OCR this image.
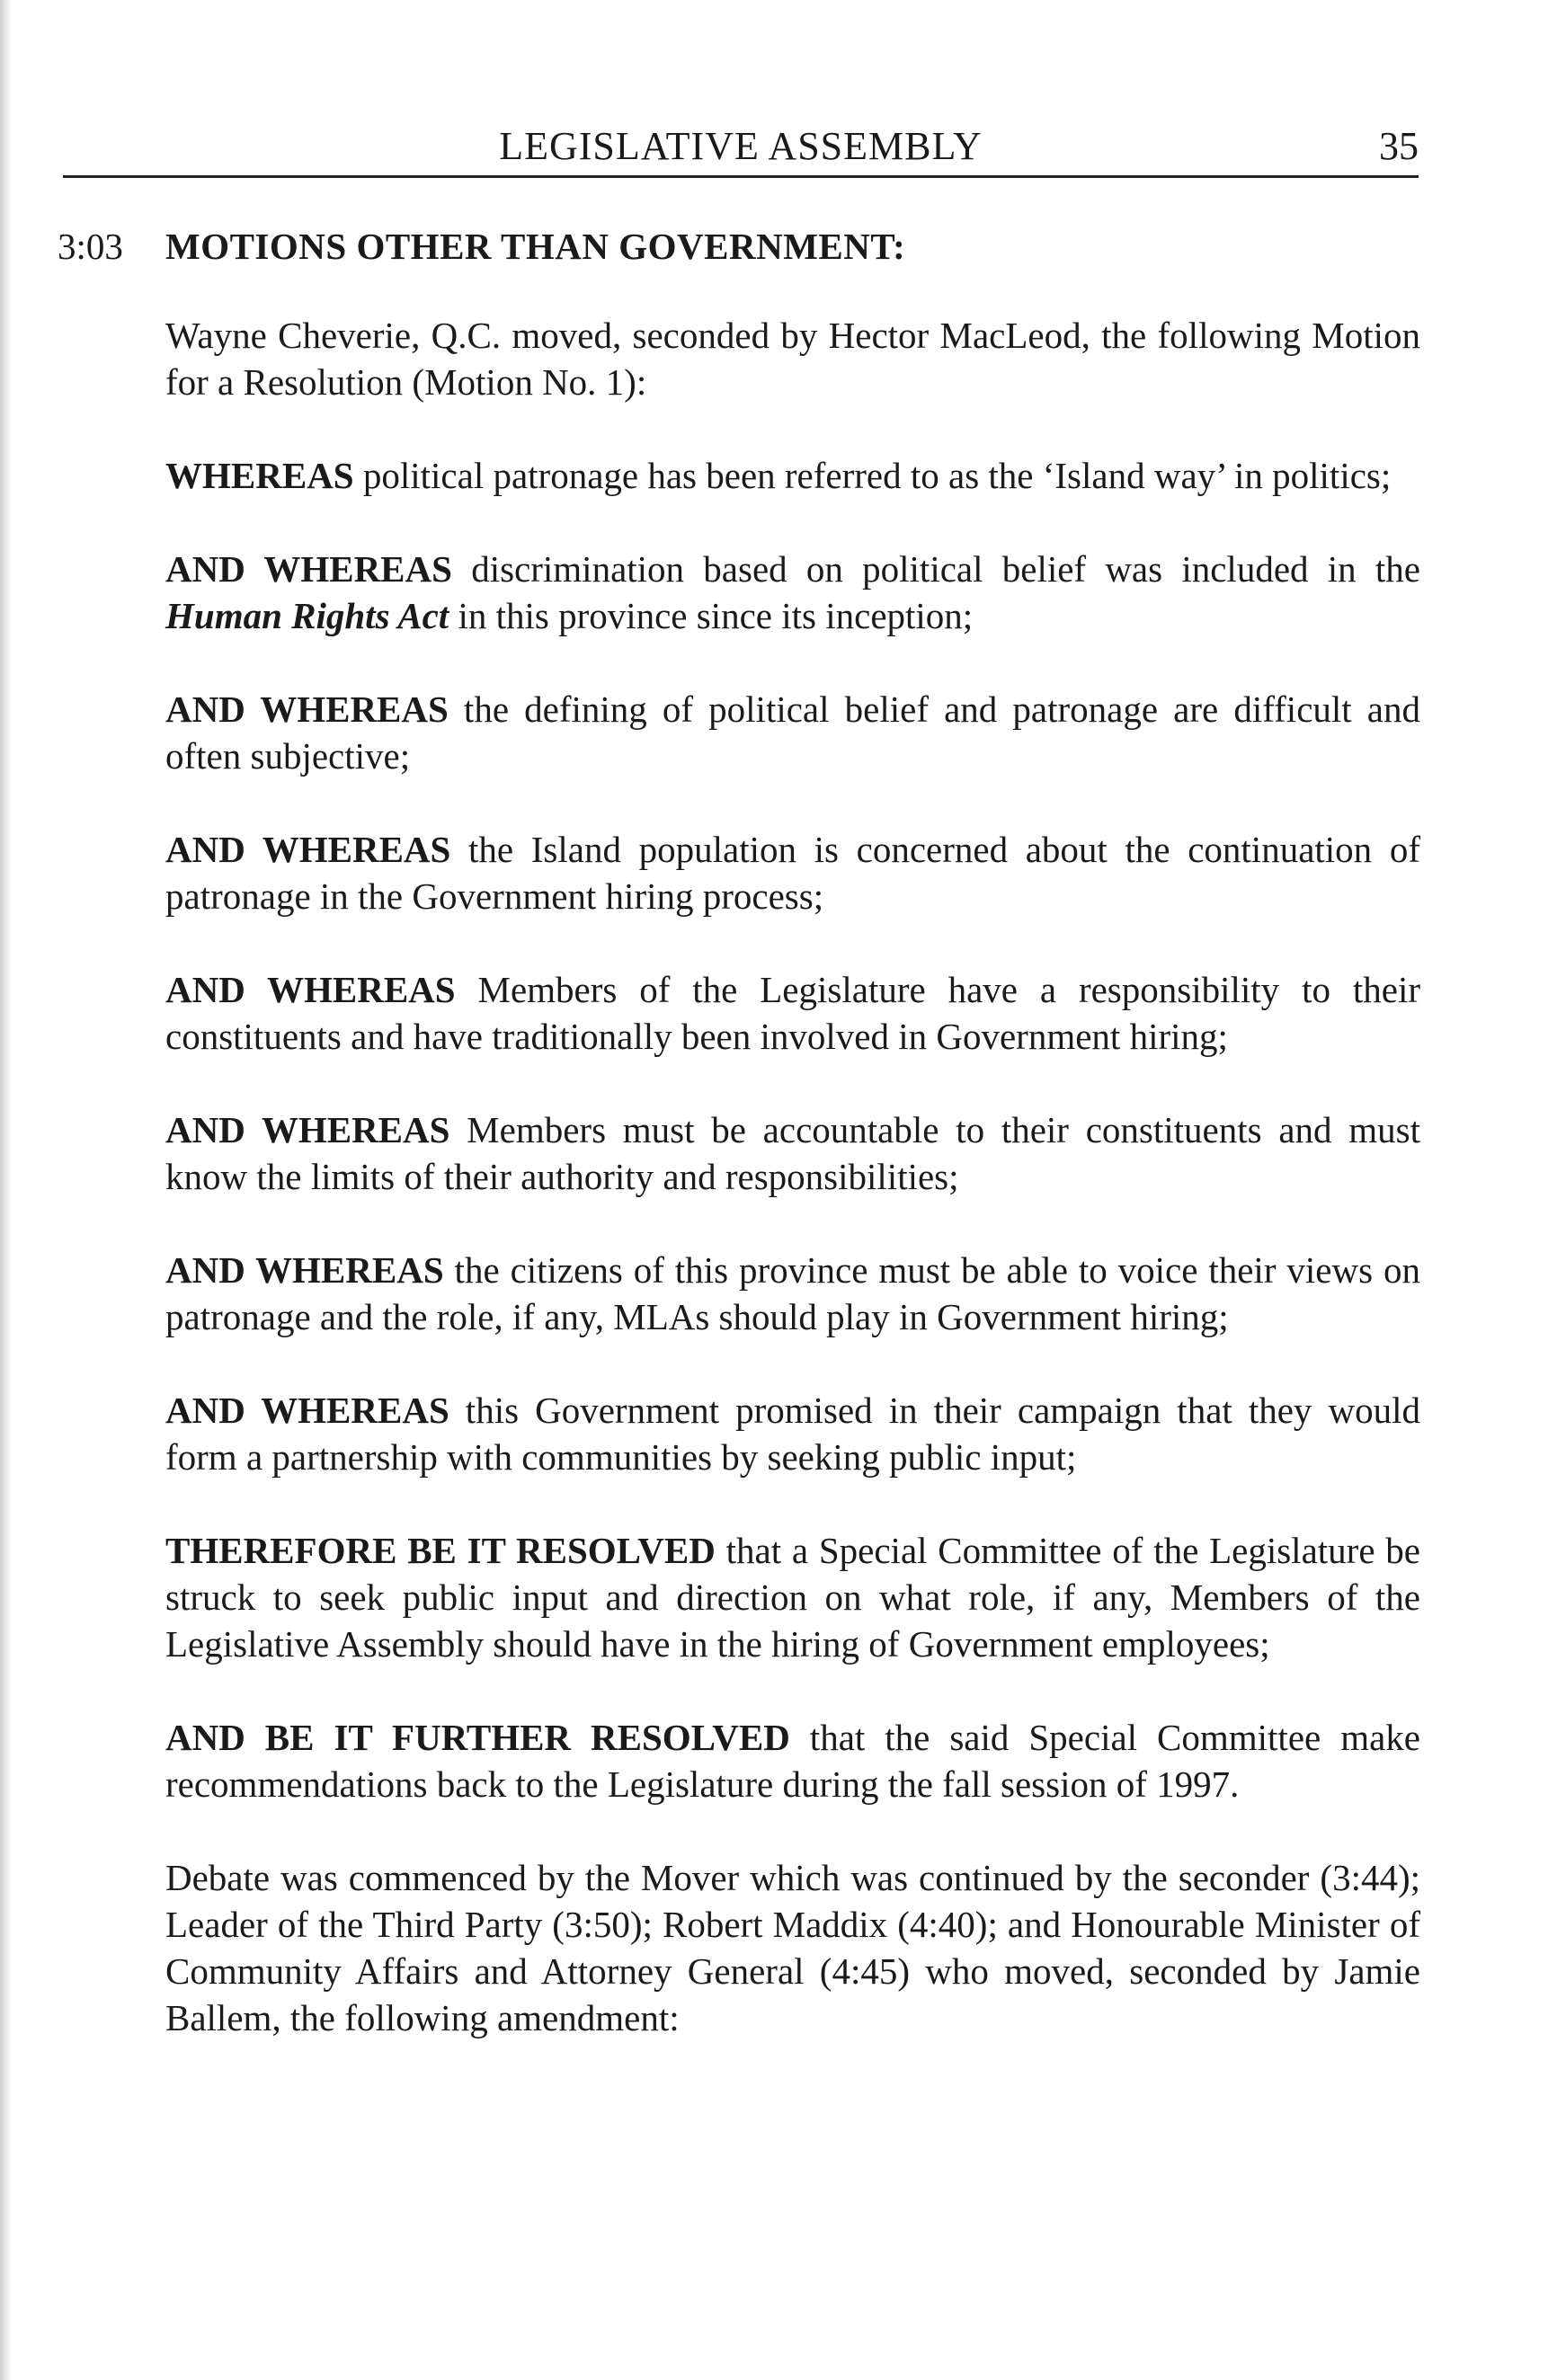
LEGISLATIVE ASSEMBLY	35
3:03 MOTIONS OTHER THAN GOVERNMENT:

Wayne Cheverie, Q.C. moved, seconded by Hector MacLeod, the following Motion for a Resolution (Motion No. 1):

WHEREAS political patronage has been referred to as the ‘Island way’ in politics;

AND WHEREAS discrimination based on political belief was included in the Human Rights Act in this province since its inception;

AND WHEREAS the defining of political belief and patronage are difficult and often subjective;

AND WHEREAS the Island population is concerned about the continuation of patronage in the Government hiring process;

AND WHEREAS Members of the Legislature have a responsibility to their constituents and have traditionally been involved in Government hiring;

AND WHEREAS Members must be accountable to their constituents and must know the limits of their authority and responsibilities;

AND WHEREAS the citizens of this province must be able to voice their views on patronage and the role, if any, MLAs should play in Government hiring;

AND WHEREAS this Government promised in their campaign that they would form a partnership with communities by seeking public input;

THEREFORE BE IT RESOLVED that a Special Committee of the Legislature be struck to seek public input and direction on what role, if any, Members of the Legislative Assembly should have in the hiring of Government employees;

AND BE IT FURTHER RESOLVED that the said Special Committee make recommendations back to the Legislature during the fall session of 1997.

Debate was commenced by the Mover which was continued by the seconder (3:44); Leader of the Third Party (3:50); Robert Maddix (4:40); and Honourable Minister of Community Affairs and Attorney General (4:45) who moved, seconded by Jamie Ballem, the following amendment:
